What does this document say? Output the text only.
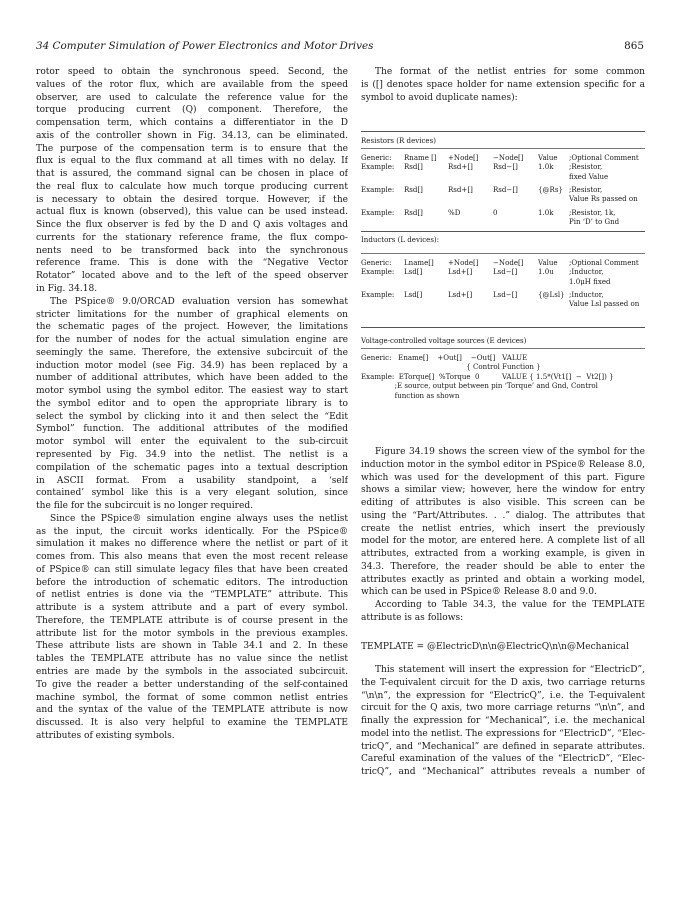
34 Computer Simulation of Power Electronics and Motor Drives	865
rotor speed to obtain the synchronous speed. Second, the
values of the rotor flux, which are available from the speed
observer, are used to calculate the reference value for the
torque producing current (Q) component. Therefore, the
compensation term, which contains a differentiator in the D
axis of the controller shown in Fig. 34.13, can be eliminated.
The purpose of the compensation term is to ensure that the
flux is equal to the flux command at all times with no delay. If
that is assured, the command signal can be chosen in place of
the real flux to calculate how much torque producing current
is necessary to obtain the desired torque. However, if the
actual flux is known (observed), this value can be used instead.
Since the flux observer is fed by the D and Q axis voltages and
currents for the stationary reference frame, the flux compo-
nents need to be transformed back into the synchronous
reference frame. This is done with the “Negative Vector
Rotator” located above and to the left of the speed observer
in Fig. 34.18.
The PSpice® 9.0/ORCAD evaluation version has somewhat
stricter limitations for the number of graphical elements on
the schematic pages of the project. However, the limitations
for the number of nodes for the actual simulation engine are
seemingly the same. Therefore, the extensive subcircuit of the
induction motor model (see Fig. 34.9) has been replaced by a
number of additional attributes, which have been added to the
motor symbol using the symbol editor. The easiest way to start
the symbol editor and to open the appropriate library is to
select the symbol by clicking into it and then select the “Edit
Symbol” function. The additional attributes of the modified
motor symbol will enter the equivalent to the sub-circuit
represented by Fig. 34.9 into the netlist. The netlist is a
compilation of the schematic pages into a textual description
in ASCII format. From a usability standpoint, a ‘self
contained’ symbol like this is a very elegant solution, since
the file for the subcircuit is no longer required.
Since the PSpice® simulation engine always uses the netlist
as the input, the circuit works identically. For the PSpice®
simulation it makes no difference where the netlist or part of it
comes from. This also means that even the most recent release
of PSpice® can still simulate legacy files that have been created
before the introduction of schematic editors. The introduction
of netlist entries is done via the “TEMPLATE” attribute. This
attribute is a system attribute and a part of every symbol.
Therefore, the TEMPLATE attribute is of course present in the
attribute list for the motor symbols in the previous examples.
These attribute lists are shown in Table 34.1 and 2. In these
tables the TEMPLATE attribute has no value since the netlist
entries are made by the symbols in the associated subcircuit.
To give the reader a better understanding of the self-contained
machine symbol, the format of some common netlist entries
and the syntax of the value of the TEMPLATE attribute is now
discussed. It is also very helpful to examine the TEMPLATE
attributes of existing symbols.
The format of the netlist entries for some common
is ([] denotes space holder for name extension specific for a
symbol to avoid duplicate names):
Resistors (R devices)
Generic: Rname [] +Node[] −Node[] Value ;Optional Comment
Example: Rsd[]	Rsd+[]	Rsd−[]	1.0k ;Resistor,
fixed Value
Example: Rsd[]	Rsd+[]	Rsd−[]	{@Rs} ;Resistor,
Value Rs passed on
Example: Rsd[]	%D	0	1.0k ;Resistor, 1k,
Pin ‘D’ to Gnd
Inductors (L devices):
Generic: Lname[] +Node[] −Node[] Value ;Optional Comment
Example: Lsd[]	Lsd+[]	Lsd−[]	1.0u ;Inductor,
1.0μH fixed
Example: Lsd[]	Lsd+[]	Lsd−[]	{@Lsl} ;Inductor,
Value Lsl passed on
Voltage-controlled voltage sources (E devices)
Generic:   Ename[]    +Out[]    −Out[]   VALUE
{ Control Function }
Example:  ETorque[]  %Torque  0          VALUE { 1.5*(Vt1[]  −  Vt2[]) }
;E source, output between pin ‘Torque’ and Gnd, Control
function as shown
Figure 34.19 shows the screen view of the symbol for the
induction motor in the symbol editor in PSpice® Release 8.0,
which was used for the development of this part. Figure
shows a similar view; however, here the window for entry
editing of attributes is also visible. This screen can be
using the “Part/Attributes. . .” dialog. The attributes that
create the netlist entries, which insert the previously
model for the motor, are entered here. A complete list of all
attributes, extracted from a working example, is given in
34.3. Therefore, the reader should be able to enter the
attributes exactly as printed and obtain a working model,
which can be used in PSpice® Release 8.0 and 9.0.
According to Table 34.3, the value for the TEMPLATE
attribute is as follows:
TEMPLATE = @ElectricD\n\n@ElectricQ\n\n@Mechanical
This statement will insert the expression for “ElectricD”,
the T-equivalent circuit for the D axis, two carriage returns
“\n\n”, the expression for “ElectricQ”, i.e. the T-equivalent
circuit for the Q axis, two more carriage returns “\n\n”, and
finally the expression for “Mechanical”, i.e. the mechanical
model into the netlist. The expressions for “ElectricD”, “Elec-
tricQ”, and “Mechanical” are defined in separate attributes.
Careful examination of the values of the “ElectricD”, “Elec-
tricQ”, and “Mechanical” attributes reveals a number of
